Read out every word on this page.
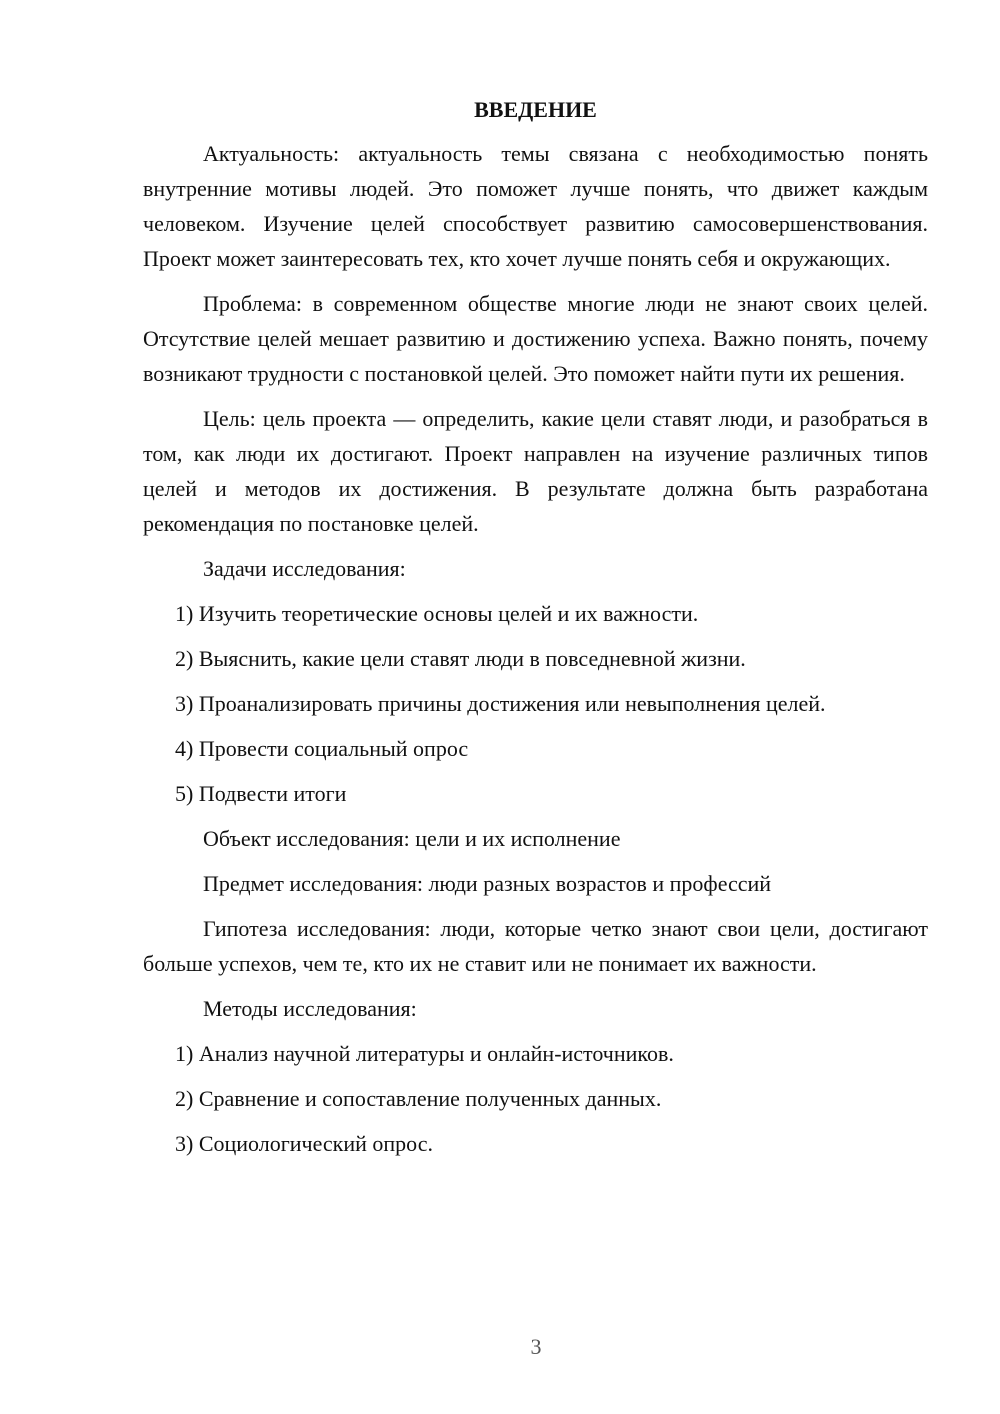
ВВЕДЕНИЕ
Актуальность: актуальность темы связана с необходимостью понять внутренние мотивы людей. Это поможет лучше понять, что движет каждым человеком. Изучение целей способствует развитию самосовершенствования. Проект может заинтересовать тех, кто хочет лучше понять себя и окружающих.
Проблема: в современном обществе многие люди не знают своих целей. Отсутствие целей мешает развитию и достижению успеха. Важно понять, почему возникают трудности с постановкой целей. Это поможет найти пути их решения.
Цель: цель проекта — определить, какие цели ставят люди, и разобраться в том, как люди их достигают. Проект направлен на изучение различных типов целей и методов их достижения. В результате должна быть разработана рекомендация по постановке целей.
Задачи исследования:
1) Изучить теоретические основы целей и их важности.
2) Выяснить, какие цели ставят люди в повседневной жизни.
3) Проанализировать причины достижения или невыполнения целей.
4) Провести социальный опрос
5) Подвести итоги
Объект исследования: цели и их исполнение
Предмет исследования: люди разных возрастов и профессий
Гипотеза исследования: люди, которые четко знают свои цели, достигают больше успехов, чем те, кто их не ставит или не понимает их важности.
Методы исследования:
1) Анализ научной литературы и онлайн-источников.
2) Сравнение и сопоставление полученных данных.
3) Социологический опрос.
3
